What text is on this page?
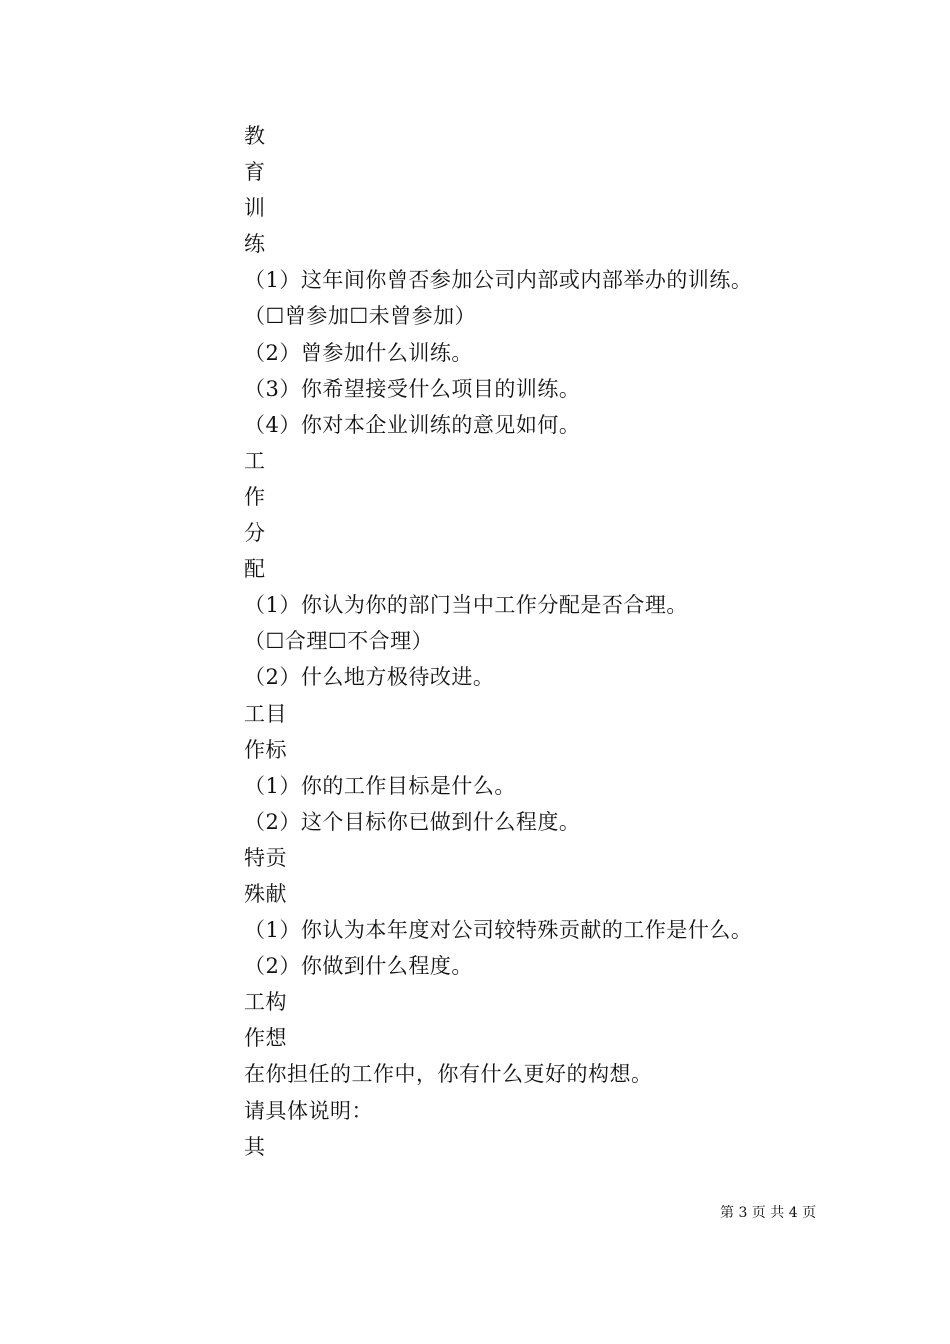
教
育
训
练
（1）这年间你曾否参加公司内部或内部举办的训练。
（☐曾参加☐未曾参加）
（2）曾参加什么训练。
（3）你希望接受什么项目的训练。
（4）你对本企业训练的意见如何。
工
作
分
配
（1）你认为你的部门当中工作分配是否合理。
（☐合理☐不合理）
（2）什么地方极待改进。
工目
作标
（1）你的工作目标是什么。
（2）这个目标你已做到什么程度。
特贡
殊献
（1）你认为本年度对公司较特殊贡献的工作是什么。
（2）你做到什么程度。
工构
作想
在你担任的工作中，你有什么更好的构想。
请具体说明：
其
第 3 页 共 4 页
